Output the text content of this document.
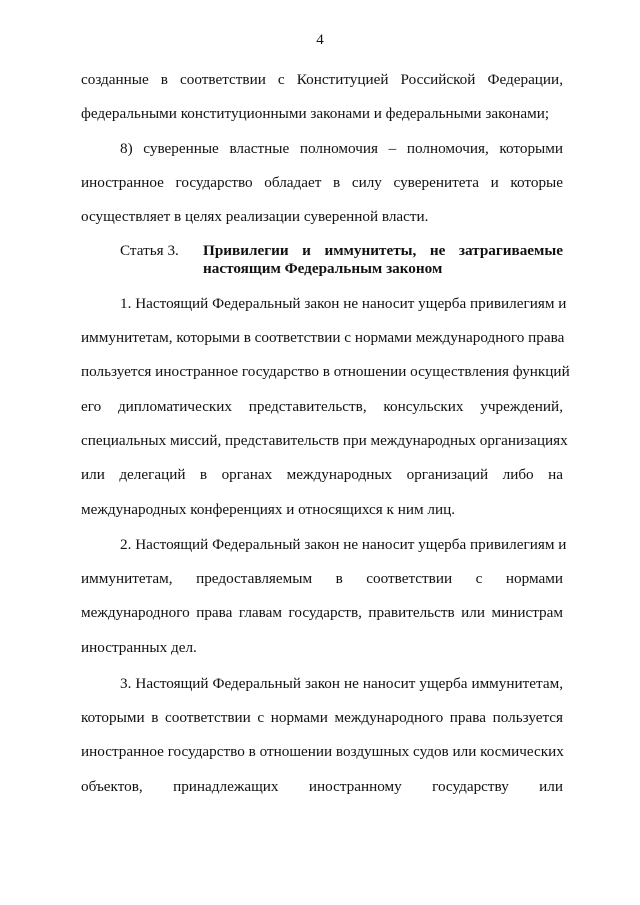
4
созданные в соответствии с Конституцией Российской Федерации,
федеральными конституционными законами и федеральными законами;
8) суверенные властные полномочия – полномочия, которыми
иностранное государство обладает в силу суверенитета и которые
осуществляет в целях реализации суверенной власти.
Статья 3. Привилегии и иммунитеты, не затрагиваемые
настоящим Федеральным законом
1. Настоящий Федеральный закон не наносит ущерба привилегиям и
иммунитетам, которыми в соответствии с нормами международного права
пользуется иностранное государство в отношении осуществления функций
его дипломатических представительств, консульских учреждений,
специальных миссий, представительств при международных организациях
или делегаций в органах международных организаций либо на
международных конференциях и относящихся к ним лиц.
2. Настоящий Федеральный закон не наносит ущерба привилегиям и
иммунитетам, предоставляемым в соответствии с нормами
международного права главам государств, правительств или министрам
иностранных дел.
3. Настоящий Федеральный закон не наносит ущерба иммунитетам,
которыми в соответствии с нормами международного права пользуется
иностранное государство в отношении воздушных судов или космических
объектов, принадлежащих иностранному государству или
